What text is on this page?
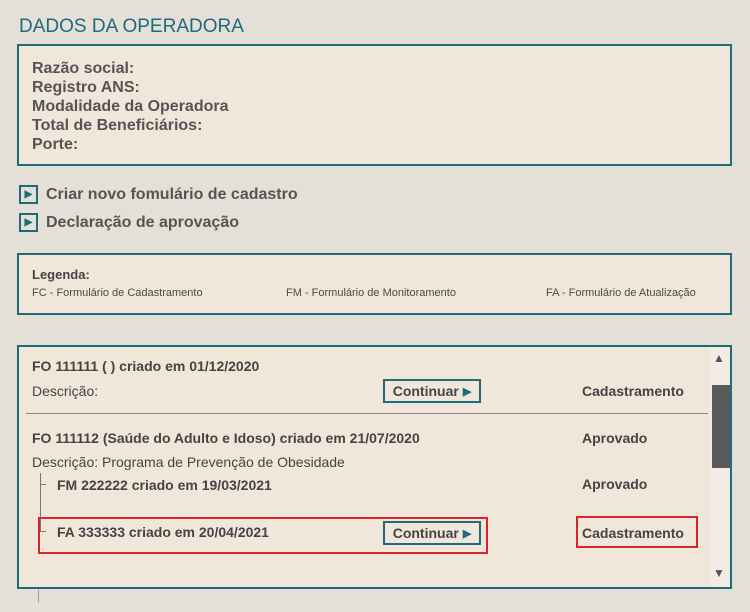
DADOS DA OPERADORA
Razão social:
Registro ANS:
Modalidade da Operadora
Total de Beneficiários:
Porte:
▶ Criar novo fomulário de cadastro
▶ Declaração de aprovação
Legenda:
FC - Formulário de Cadastramento	FM - Formulário de Monitoramento	FA - Formulário de Atualização
FO 111111 ( ) criado em 01/12/2020
Descrição:	Continuar ▶	Cadastramento
FO 111112 (Saúde do Adulto e Idoso) criado em 21/07/2020	Aprovado
Descrição: Programa de Prevenção de Obesidade
FM 222222 criado em 19/03/2021	Aprovado
FA 333333 criado em 20/04/2021	Continuar ▶	Cadastramento
▲
▼
